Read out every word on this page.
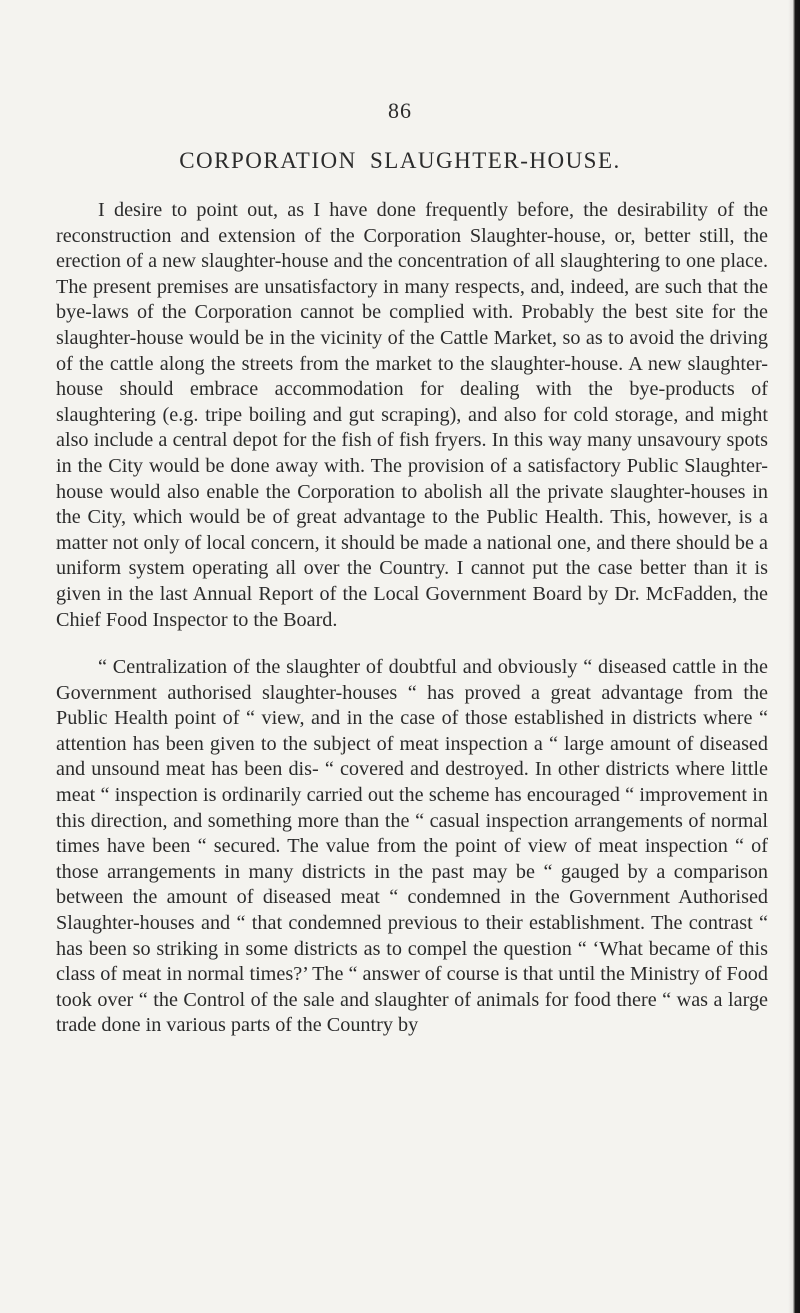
86
CORPORATION SLAUGHTER-HOUSE.

I desire to point out, as I have done frequently before, the desirability of the reconstruction and extension of the Corporation Slaughter-house, or, better still, the erection of a new slaughter-house and the concentration of all slaughtering to one place. The present premises are unsatisfactory in many respects, and, indeed, are such that the bye-laws of the Corporation cannot be complied with. Probably the best site for the slaughter-house would be in the vicinity of the Cattle Market, so as to avoid the driving of the cattle along the streets from the market to the slaughter-house. A new slaughter-house should embrace accommodation for dealing with the bye-products of slaughtering (e.g. tripe boiling and gut scraping), and also for cold storage, and might also include a central depot for the fish of fish fryers. In this way many unsavoury spots in the City would be done away with. The provision of a satisfactory Public Slaughter-house would also enable the Corporation to abolish all the private slaughter-houses in the City, which would be of great advantage to the Public Health. This, however, is a matter not only of local concern, it should be made a national one, and there should be a uniform system operating all over the Country. I cannot put the case better than it is given in the last Annual Report of the Local Government Board by Dr. McFadden, the Chief Food Inspector to the Board.

“ Centralization of the slaughter of doubtful and obviously “ diseased cattle in the Government authorised slaughter-houses “ has proved a great advantage from the Public Health point of “ view, and in the case of those established in districts where “ attention has been given to the subject of meat inspection a “ large amount of diseased and unsound meat has been dis- “ covered and destroyed. In other districts where little meat “ inspection is ordinarily carried out the scheme has encouraged “ improvement in this direction, and something more than the “ casual inspection arrangements of normal times have been “ secured. The value from the point of view of meat inspection “ of those arrangements in many districts in the past may be “ gauged by a comparison between the amount of diseased meat “ condemned in the Government Authorised Slaughter-houses and “ that condemned previous to their establishment. The contrast “ has been so striking in some districts as to compel the question “ ‘What became of this class of meat in normal times?’ The “ answer of course is that until the Ministry of Food took over “ the Control of the sale and slaughter of animals for food there “ was a large trade done in various parts of the Country by
